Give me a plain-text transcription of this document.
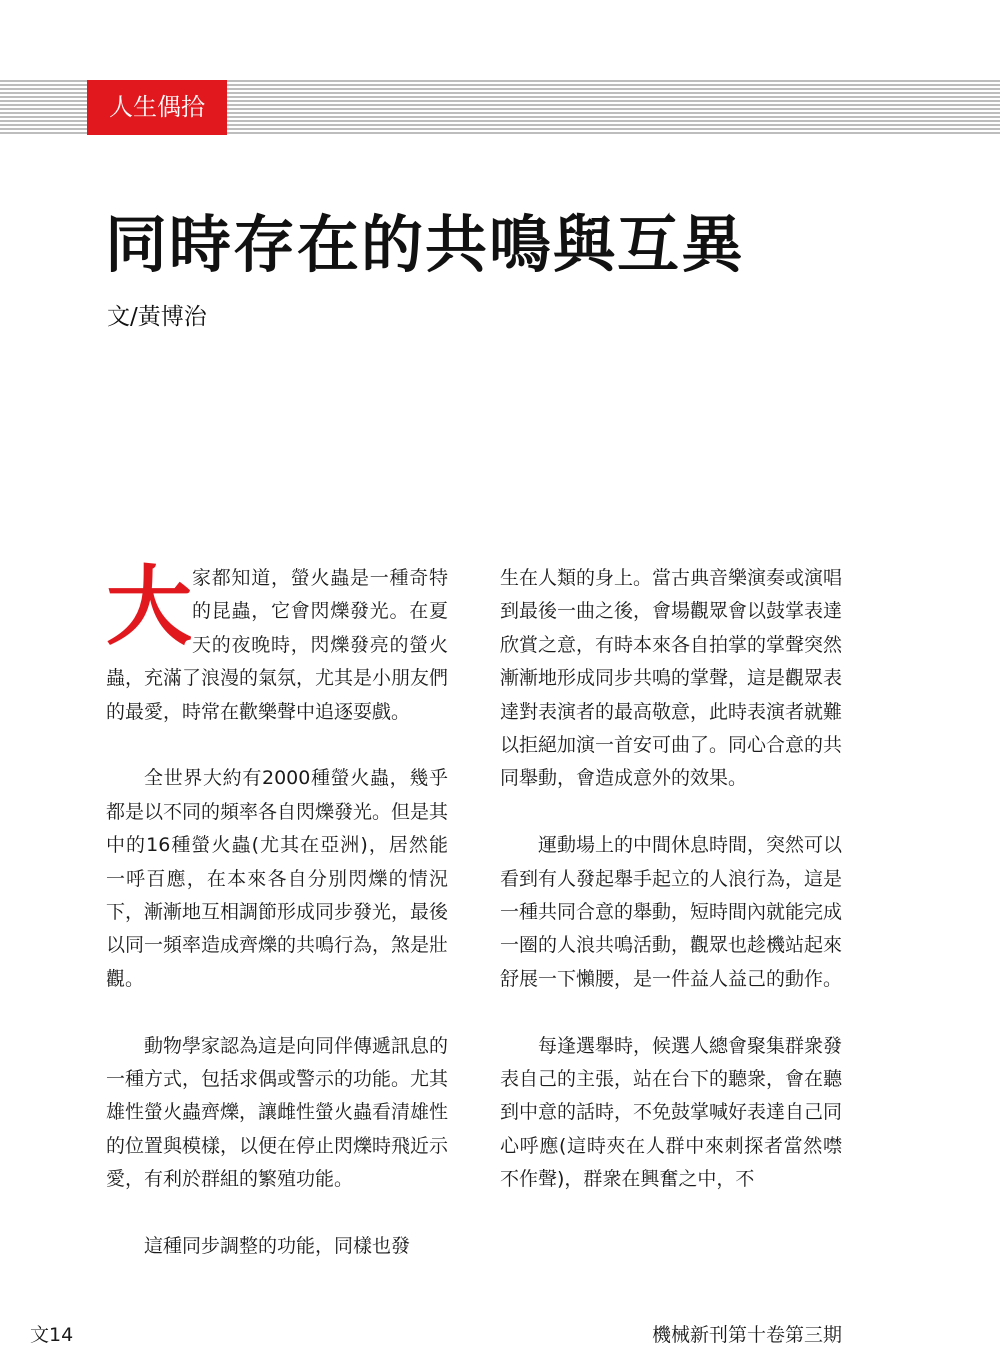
人生偶拾
同時存在的共鳴與互異
文/黃博治

大家都知道，螢火蟲是一種奇特的昆蟲，它會閃爍發光。在夏天的夜晚時，閃爍發亮的螢火蟲，充滿了浪漫的氣氛，尤其是小朋友們的最愛，時常在歡樂聲中追逐耍戲。

全世界大約有2000種螢火蟲，幾乎都是以不同的頻率各自閃爍發光。但是其中的16種螢火蟲(尤其在亞洲)，居然能一呼百應，在本來各自分別閃爍的情況下，漸漸地互相調節形成同步發光，最後以同一頻率造成齊爍的共鳴行為，煞是壯觀。

動物學家認為這是向同伴傳遞訊息的一種方式，包括求偶或警示的功能。尤其雄性螢火蟲齊爍，讓雌性螢火蟲看清雄性的位置與模樣，以便在停止閃爍時飛近示愛，有利於群組的繁殖功能。

這種同步調整的功能，同樣也發

生在人類的身上。當古典音樂演奏或演唱到最後一曲之後，會場觀眾會以鼓掌表達欣賞之意，有時本來各自拍掌的掌聲突然漸漸地形成同步共鳴的掌聲，這是觀眾表達對表演者的最高敬意，此時表演者就難以拒絕加演一首安可曲了。同心合意的共同舉動，會造成意外的效果。

運動場上的中間休息時間，突然可以看到有人發起舉手起立的人浪行為，這是一種共同合意的舉動，短時間內就能完成一圈的人浪共鳴活動，觀眾也趁機站起來舒展一下懶腰，是一件益人益己的動作。

每逢選舉時，候選人總會聚集群衆發表自己的主張，站在台下的聽衆，會在聽到中意的話時，不免鼓掌喊好表達自己同心呼應(這時夾在人群中來刺探者當然噤不作聲)，群衆在興奮之中，不

文14	機械新刊第十卷第三期
